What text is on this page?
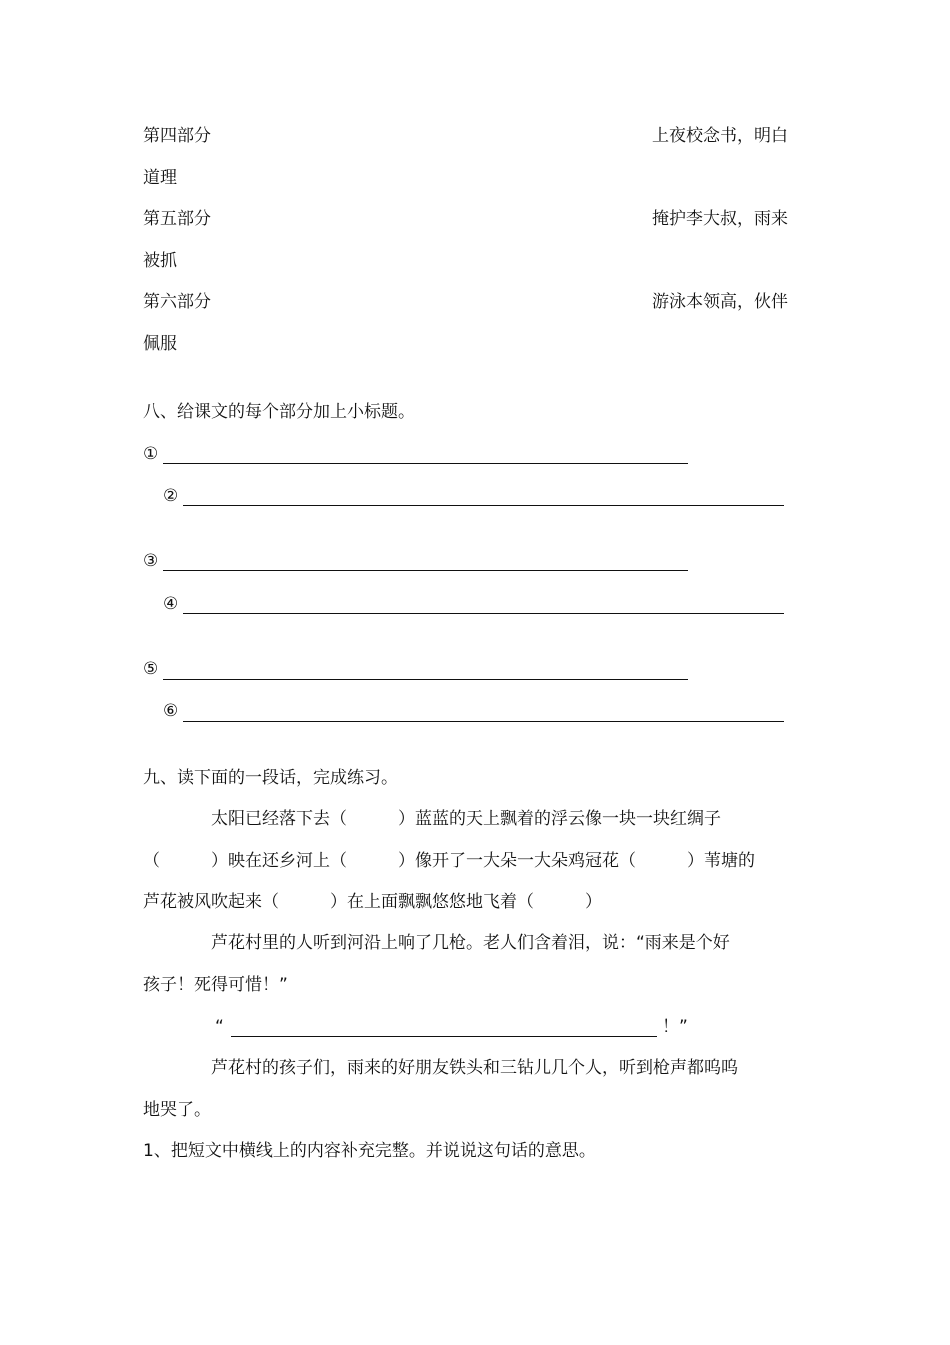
第四部分	上夜校念书，明白
道理
第五部分	掩护李大叔，雨来
被抓
第六部分	游泳本领高，伙伴
佩服
八、给课文的每个部分加上小标题。
①
②
③
④
⑤
⑥
九、读下面的一段话，完成练习。
太阳已经落下去（　　　）蓝蓝的天上飘着的浮云像一块一块红绸子
（　　　）映在还乡河上（　　　）像开了一大朵一大朵鸡冠花（　　　）苇塘的
芦花被风吹起来（　　　）在上面飘飘悠悠地飞着（　　　）
芦花村里的人听到河沿上响了几枪。老人们含着泪，说：“雨来是个好
孩子！死得可惜！”
“	！”
芦花村的孩子们，雨来的好朋友铁头和三钻儿几个人，听到枪声都呜呜
地哭了。
1、把短文中横线上的内容补充完整。并说说这句话的意思。
